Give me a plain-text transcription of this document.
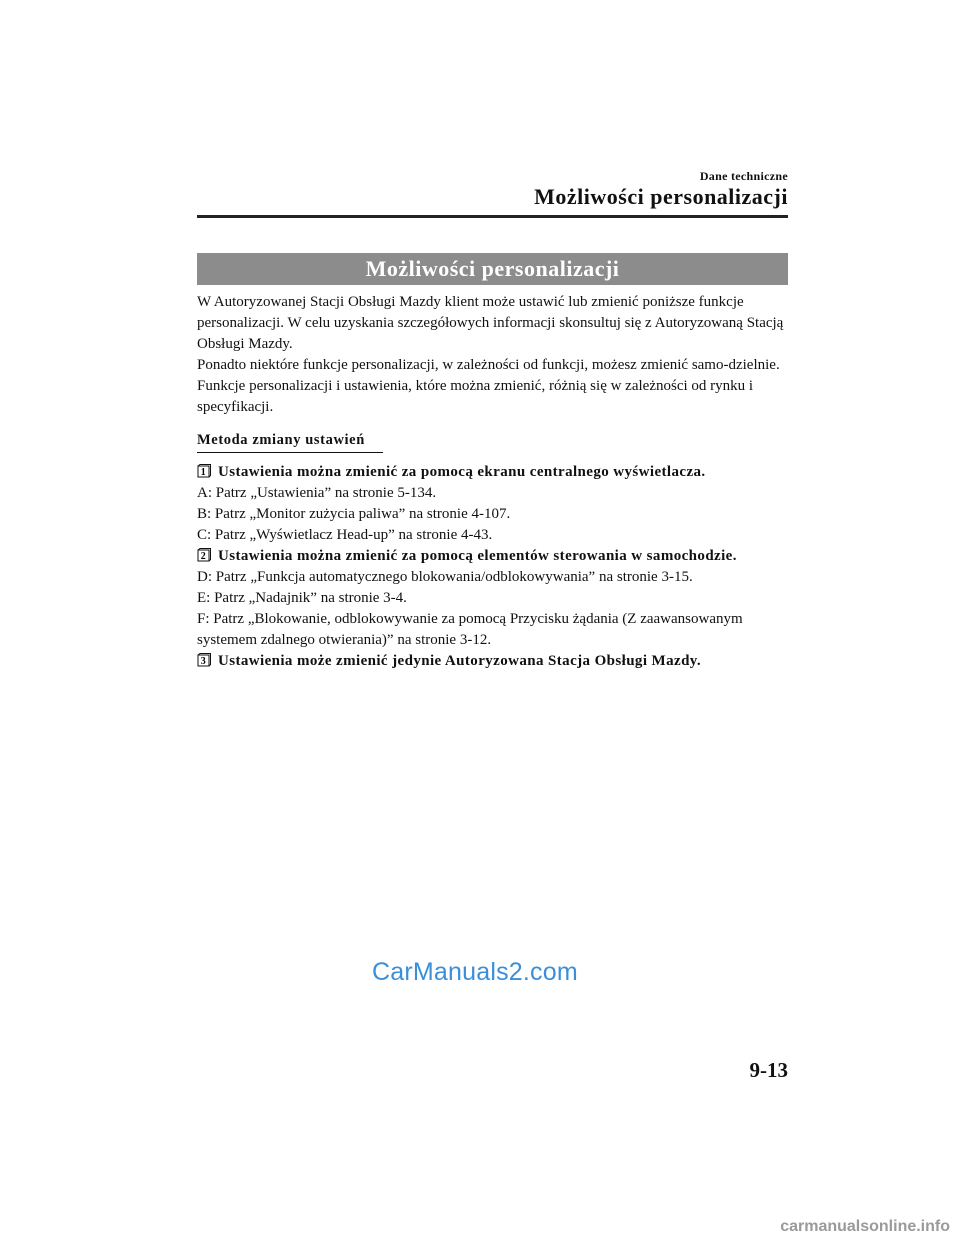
Dane techniczne
Możliwości personalizacji
Możliwości personalizacji

W Autoryzowanej Stacji Obsługi Mazdy klient może ustawić lub zmienić poniższe funkcje personalizacji. W celu uzyskania szczegółowych informacji skonsultuj się z Autoryzowaną Stacją Obsługi Mazdy.

Ponadto niektóre funkcje personalizacji, w zależności od funkcji, możesz zmienić samo-dzielnie.

Funkcje personalizacji i ustawienia, które można zmienić, różnią się w zależności od rynku i specyfikacji.

Metoda zmiany ustawień
1 Ustawienia można zmienić za pomocą ekranu centralnego wyświetlacza.

A: Patrz „Ustawienia” na stronie 5-134.

B: Patrz „Monitor zużycia paliwa” na stronie 4-107.

C: Patrz „Wyświetlacz Head-up” na stronie 4-43.

2 Ustawienia można zmienić za pomocą elementów sterowania w samochodzie.

D: Patrz „Funkcja automatycznego blokowania/odblokowywania” na stronie 3-15.

E: Patrz „Nadajnik” na stronie 3-4.

F: Patrz „Blokowanie, odblokowywanie za pomocą Przycisku żądania (Z zaawansowanym systemem zdalnego otwierania)” na stronie 3-12.

3 Ustawienia może zmienić jedynie Autoryzowana Stacja Obsługi Mazdy.
CarManuals2.com
9-13
carmanualsonline.info
